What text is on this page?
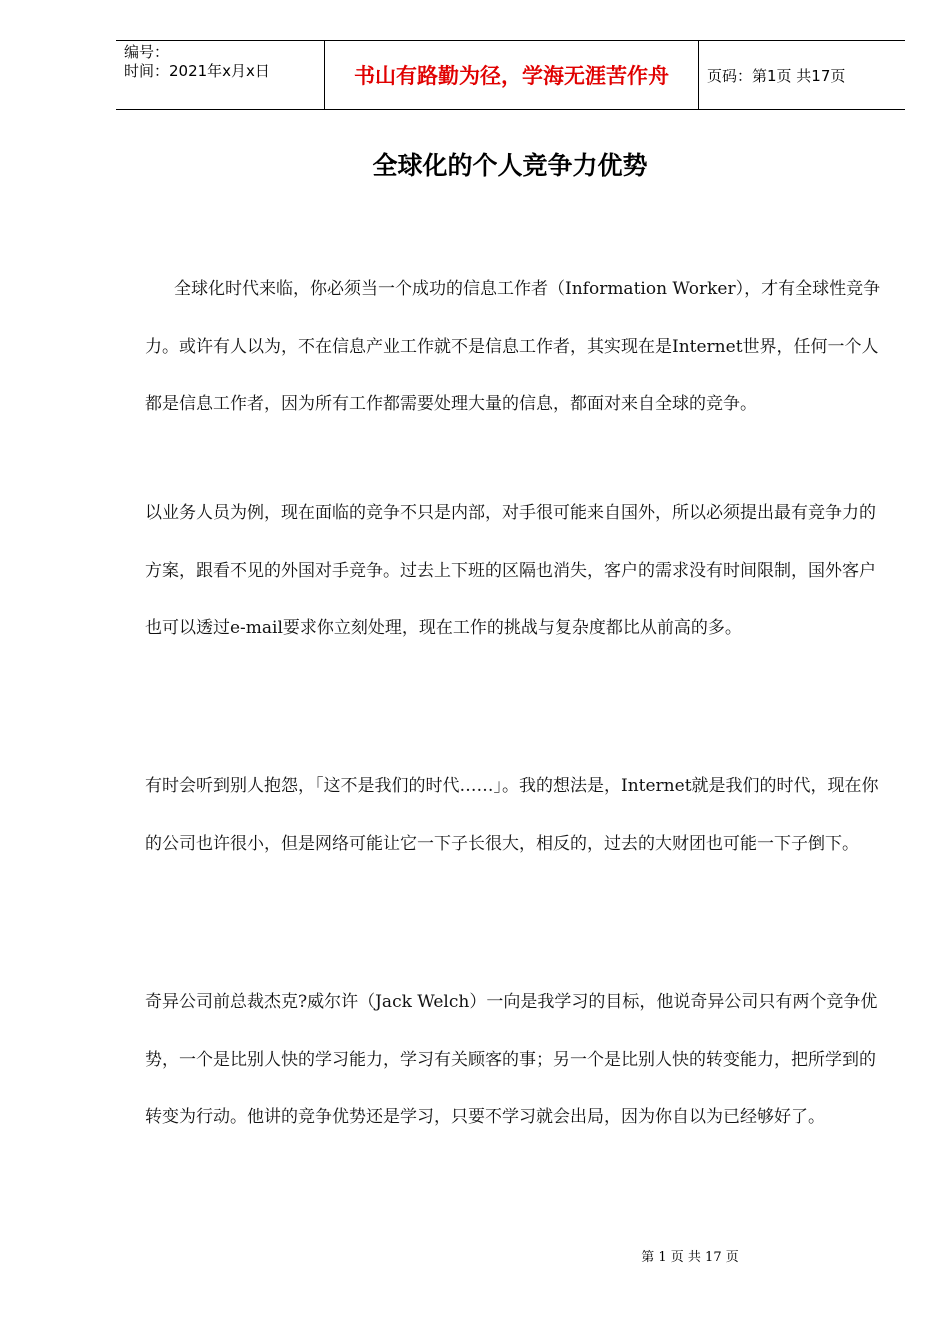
编号：
时间：2021年x月x日	书山有路勤为径，学海无涯苦作舟	页码：第1页 共17页
全球化的个人竞争力优势

全球化时代来临，你必须当一个成功的信息工作者（Information Worker），才有全球性竞争力。或许有人以为，不在信息产业工作就不是信息工作者，其实现在是Internet世界，任何一个人都是信息工作者，因为所有工作都需要处理大量的信息，都面对来自全球的竞争。

以业务人员为例，现在面临的竞争不只是内部，对手很可能来自国外，所以必须提出最有竞争力的方案，跟看不见的外国对手竞争。过去上下班的区隔也消失，客户的需求没有时间限制，国外客户也可以透过e-mail要求你立刻处理，现在工作的挑战与复杂度都比从前高的多。

有时会听到别人抱怨，「这不是我们的时代……」。我的想法是，Internet就是我们的时代，现在你的公司也许很小，但是网络可能让它一下子长很大，相反的，过去的大财团也可能一下子倒下。

奇异公司前总裁杰克?威尔许（Jack Welch）一向是我学习的目标，他说奇异公司只有两个竞争优势，一个是比别人快的学习能力，学习有关顾客的事；另一个是比别人快的转变能力，把所学到的转变为行动。他讲的竞争优势还是学习，只要不学习就会出局，因为你自以为已经够好了。

第 1 页 共 17 页
